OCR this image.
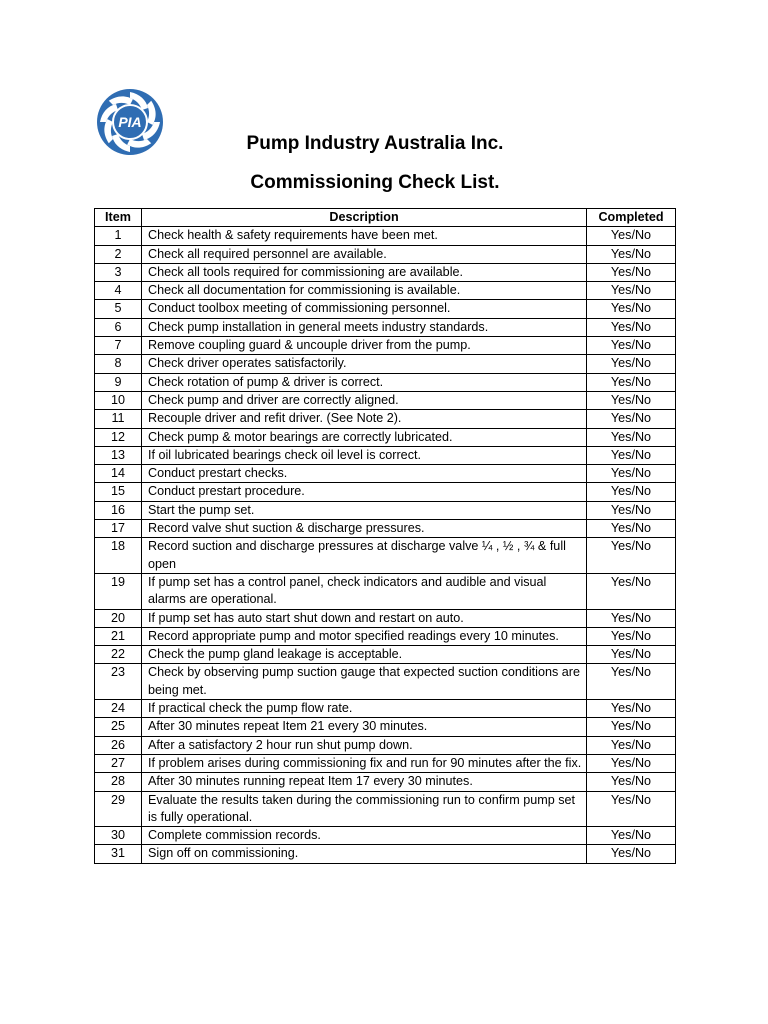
PIA
Pump Industry Australia Inc.
Commissioning Check List.
Item	Description	Completed
1	Check health & safety requirements have been met.	Yes/No
2	Check all required personnel are available.	Yes/No
3	Check all tools required for commissioning are available.	Yes/No
4	Check all documentation for commissioning is available.	Yes/No
5	Conduct toolbox meeting of commissioning personnel.	Yes/No
6	Check pump installation in general meets industry standards.	Yes/No
7	Remove coupling guard & uncouple driver from the pump.	Yes/No
8	Check driver operates satisfactorily.	Yes/No
9	Check rotation of pump & driver is correct.	Yes/No
10	Check pump and driver are correctly aligned.	Yes/No
11	Recouple driver and refit driver. (See Note 2).	Yes/No
12	Check pump & motor bearings are correctly lubricated.	Yes/No
13	If oil lubricated bearings check oil level is correct.	Yes/No
14	Conduct prestart checks.	Yes/No
15	Conduct prestart procedure.	Yes/No
16	Start the pump set.	Yes/No
17	Record valve shut suction & discharge pressures.	Yes/No
18	Record suction and discharge pressures at discharge valve ¼ , ½ , ¾ & full open	Yes/No
19	If pump set has a control panel, check indicators and audible and visual alarms are operational.	Yes/No
20	If pump set has auto start shut down and restart on auto.	Yes/No
21	Record appropriate pump and motor specified readings every 10 minutes.	Yes/No
22	Check the pump gland leakage is acceptable.	Yes/No
23	Check by observing pump suction gauge that expected suction conditions are being met.	Yes/No
24	If practical check the pump flow rate.	Yes/No
25	After 30 minutes repeat Item 21 every 30 minutes.	Yes/No
26	After a satisfactory 2 hour run shut pump down.	Yes/No
27	If problem arises during commissioning fix and run for 90 minutes after the fix.	Yes/No
28	After 30 minutes running repeat Item 17 every 30 minutes.	Yes/No
29	Evaluate the results taken during the commissioning run to confirm pump set is fully operational.	Yes/No
30	Complete commission records.	Yes/No
31	Sign off on commissioning.	Yes/No
